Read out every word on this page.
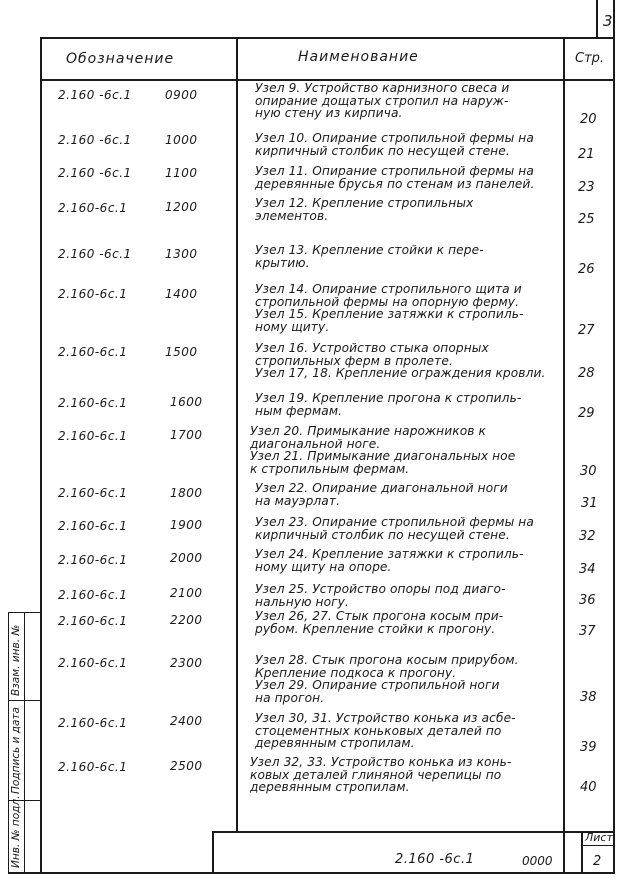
Взам. инв. №
Подпись и дата
Инв. № подл.
3
Обозначение	Наименование	Стр.
2.160 -6с.1	0900	Узел 9. Устройство карнизного свеса и
опирание дощатых стропил на наруж-
ную стену из кирпича.	20
2.160 -6с.1	1000	Узел 10. Опирание стропильной фермы на
кирпичный столбик по несущей стене.	21
2.160 -6с.1	1100	Узел 11. Опирание стропильной фермы на
деревянные брусья по стенам из панелей.	23
2.160-6с.1	1200	Узел 12. Крепление стропильных
элементов.	25
2.160 -6с.1	1300	Узел 13. Крепление стойки к пере-
крытию.	26
2.160-6с.1	1400	Узел 14. Опирание стропильного щита и
стропильной фермы на опорную ферму.
Узел 15. Крепление затяжки к стропиль-
ному щиту.	27
2.160-6с.1	1500	Узел 16. Устройство стыка опорных
стропильных ферм в пролете.
Узел 17, 18. Крепление ограждения кровли.	28
2.160-6с.1	1600	Узел 19. Крепление прогона к стропиль-
ным фермам.	29
2.160-6с.1	1700	Узел 20. Примыкание нарожников к
диагональной ноге.
Узел 21. Примыкание диагональных ное
к стропильным фермам.	30
2.160-6с.1	1800	Узел 22. Опирание диагональной ноги
на мауэрлат.	31
2.160-6с.1	1900	Узел 23. Опирание стропильной фермы на
кирпичный столбик по несущей стене.	32
2.160-6с.1	2000	Узел 24. Крепление затяжки к стропиль-
ному щиту на опоре.	34
2.160-6с.1	2100	Узел 25. Устройство опоры под диаго-
нальную ногу.	36
2.160-6с.1	2200	Узел 26, 27. Стык прогона косым при-
рубом. Крепление стойки к прогону.	37
2.160-6с.1	2300	Узел 28. Стык прогона косым прирубом.
Крепление подкоса к прогону.
Узел 29. Опирание стропильной ноги
на прогон.	38
2.160-6с.1	2400	Узел 30, 31. Устройство конька из асбе-
стоцементных коньковых деталей по
деревянным стропилам.	39
2.160-6с.1	2500	Узел 32, 33. Устройство конька из конь-
ковых деталей глиняной черепицы по
деревянным стропилам.	40
2.160 -6с.1	0000
Лист
2
